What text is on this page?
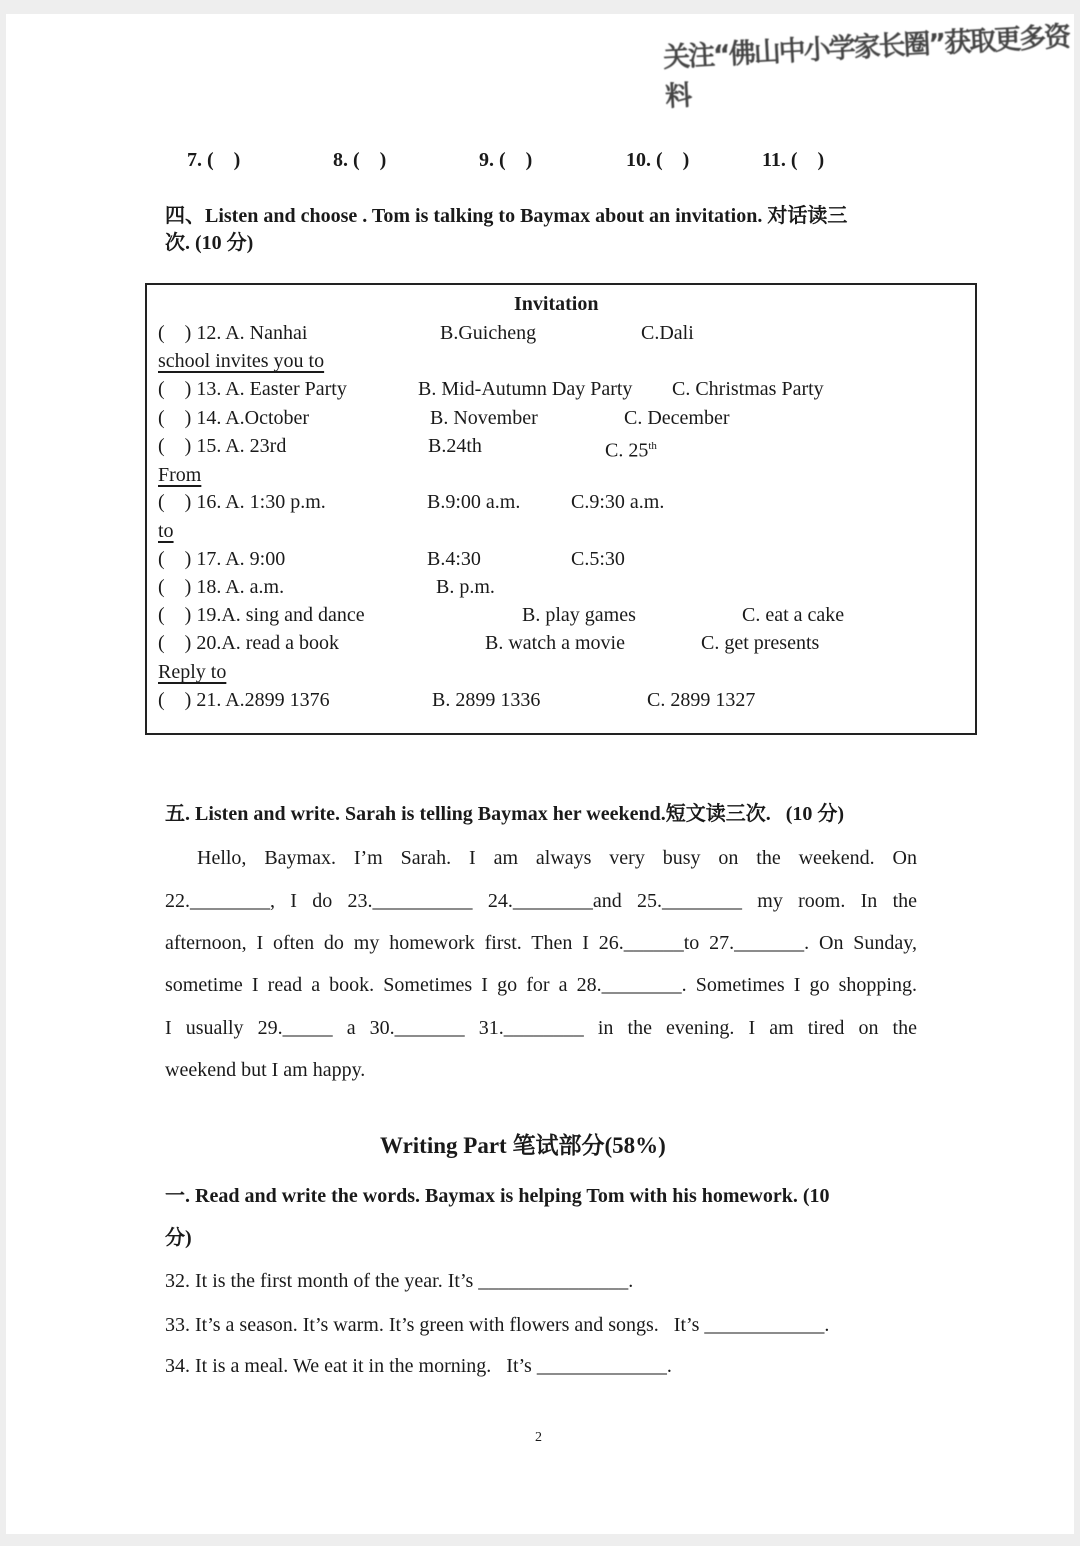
关注“佛山中小学家长圈”获取更多资料
7. (    )	8. (    )	9. (    )	10. (    )	11. (    )
四、Listen and choose . Tom is talking to Baymax about an invitation. 对话读三
次. (10 分)
Invitation
(    ) 12. A. Nanhai	B.Guicheng	C.Dali
school invites you to
(    ) 13. A. Easter Party	B. Mid-Autumn Day Party C. Christmas Party
(    ) 14. A.October	B. November	C. December
(    ) 15. A. 23rd	B.24th	C. 25th
From
(    ) 16. A. 1:30 p.m.	B.9:00 a.m.	C.9:30 a.m.
to
(    ) 17. A. 9:00	B.4:30	C.5:30
(    ) 18. A. a.m.	B. p.m.
(    ) 19.A. sing and dance	B. play games	C. eat a cake
(    ) 20.A. read a book	B. watch a movie	C. get presents
Reply to
(    ) 21. A.2899 1376	B. 2899 1336	C. 2899 1327
五. Listen and write. Sarah is telling Baymax her weekend.短文读三次.   (10 分)
Hello, Baymax. I’m Sarah. I am always very busy on the weekend. On
22.________, I do 23.__________ 24.________and 25.________ my room. In the
afternoon, I often do my homework first. Then I 26.______to 27._______. On Sunday,
sometime I read a book. Sometimes I go for a 28.________. Sometimes I go shopping.
I usually 29._____ a 30._______ 31.________ in the evening. I am tired on the
weekend but I am happy.
Writing Part 笔试部分(58%)
一. Read and write the words. Baymax is helping Tom with his homework. (10
分)
32. It is the first month of the year. It’s _______________.
33. It’s a season. It’s warm. It’s green with flowers and songs.   It’s ____________.
34. It is a meal. We eat it in the morning.   It’s _____________.
2
